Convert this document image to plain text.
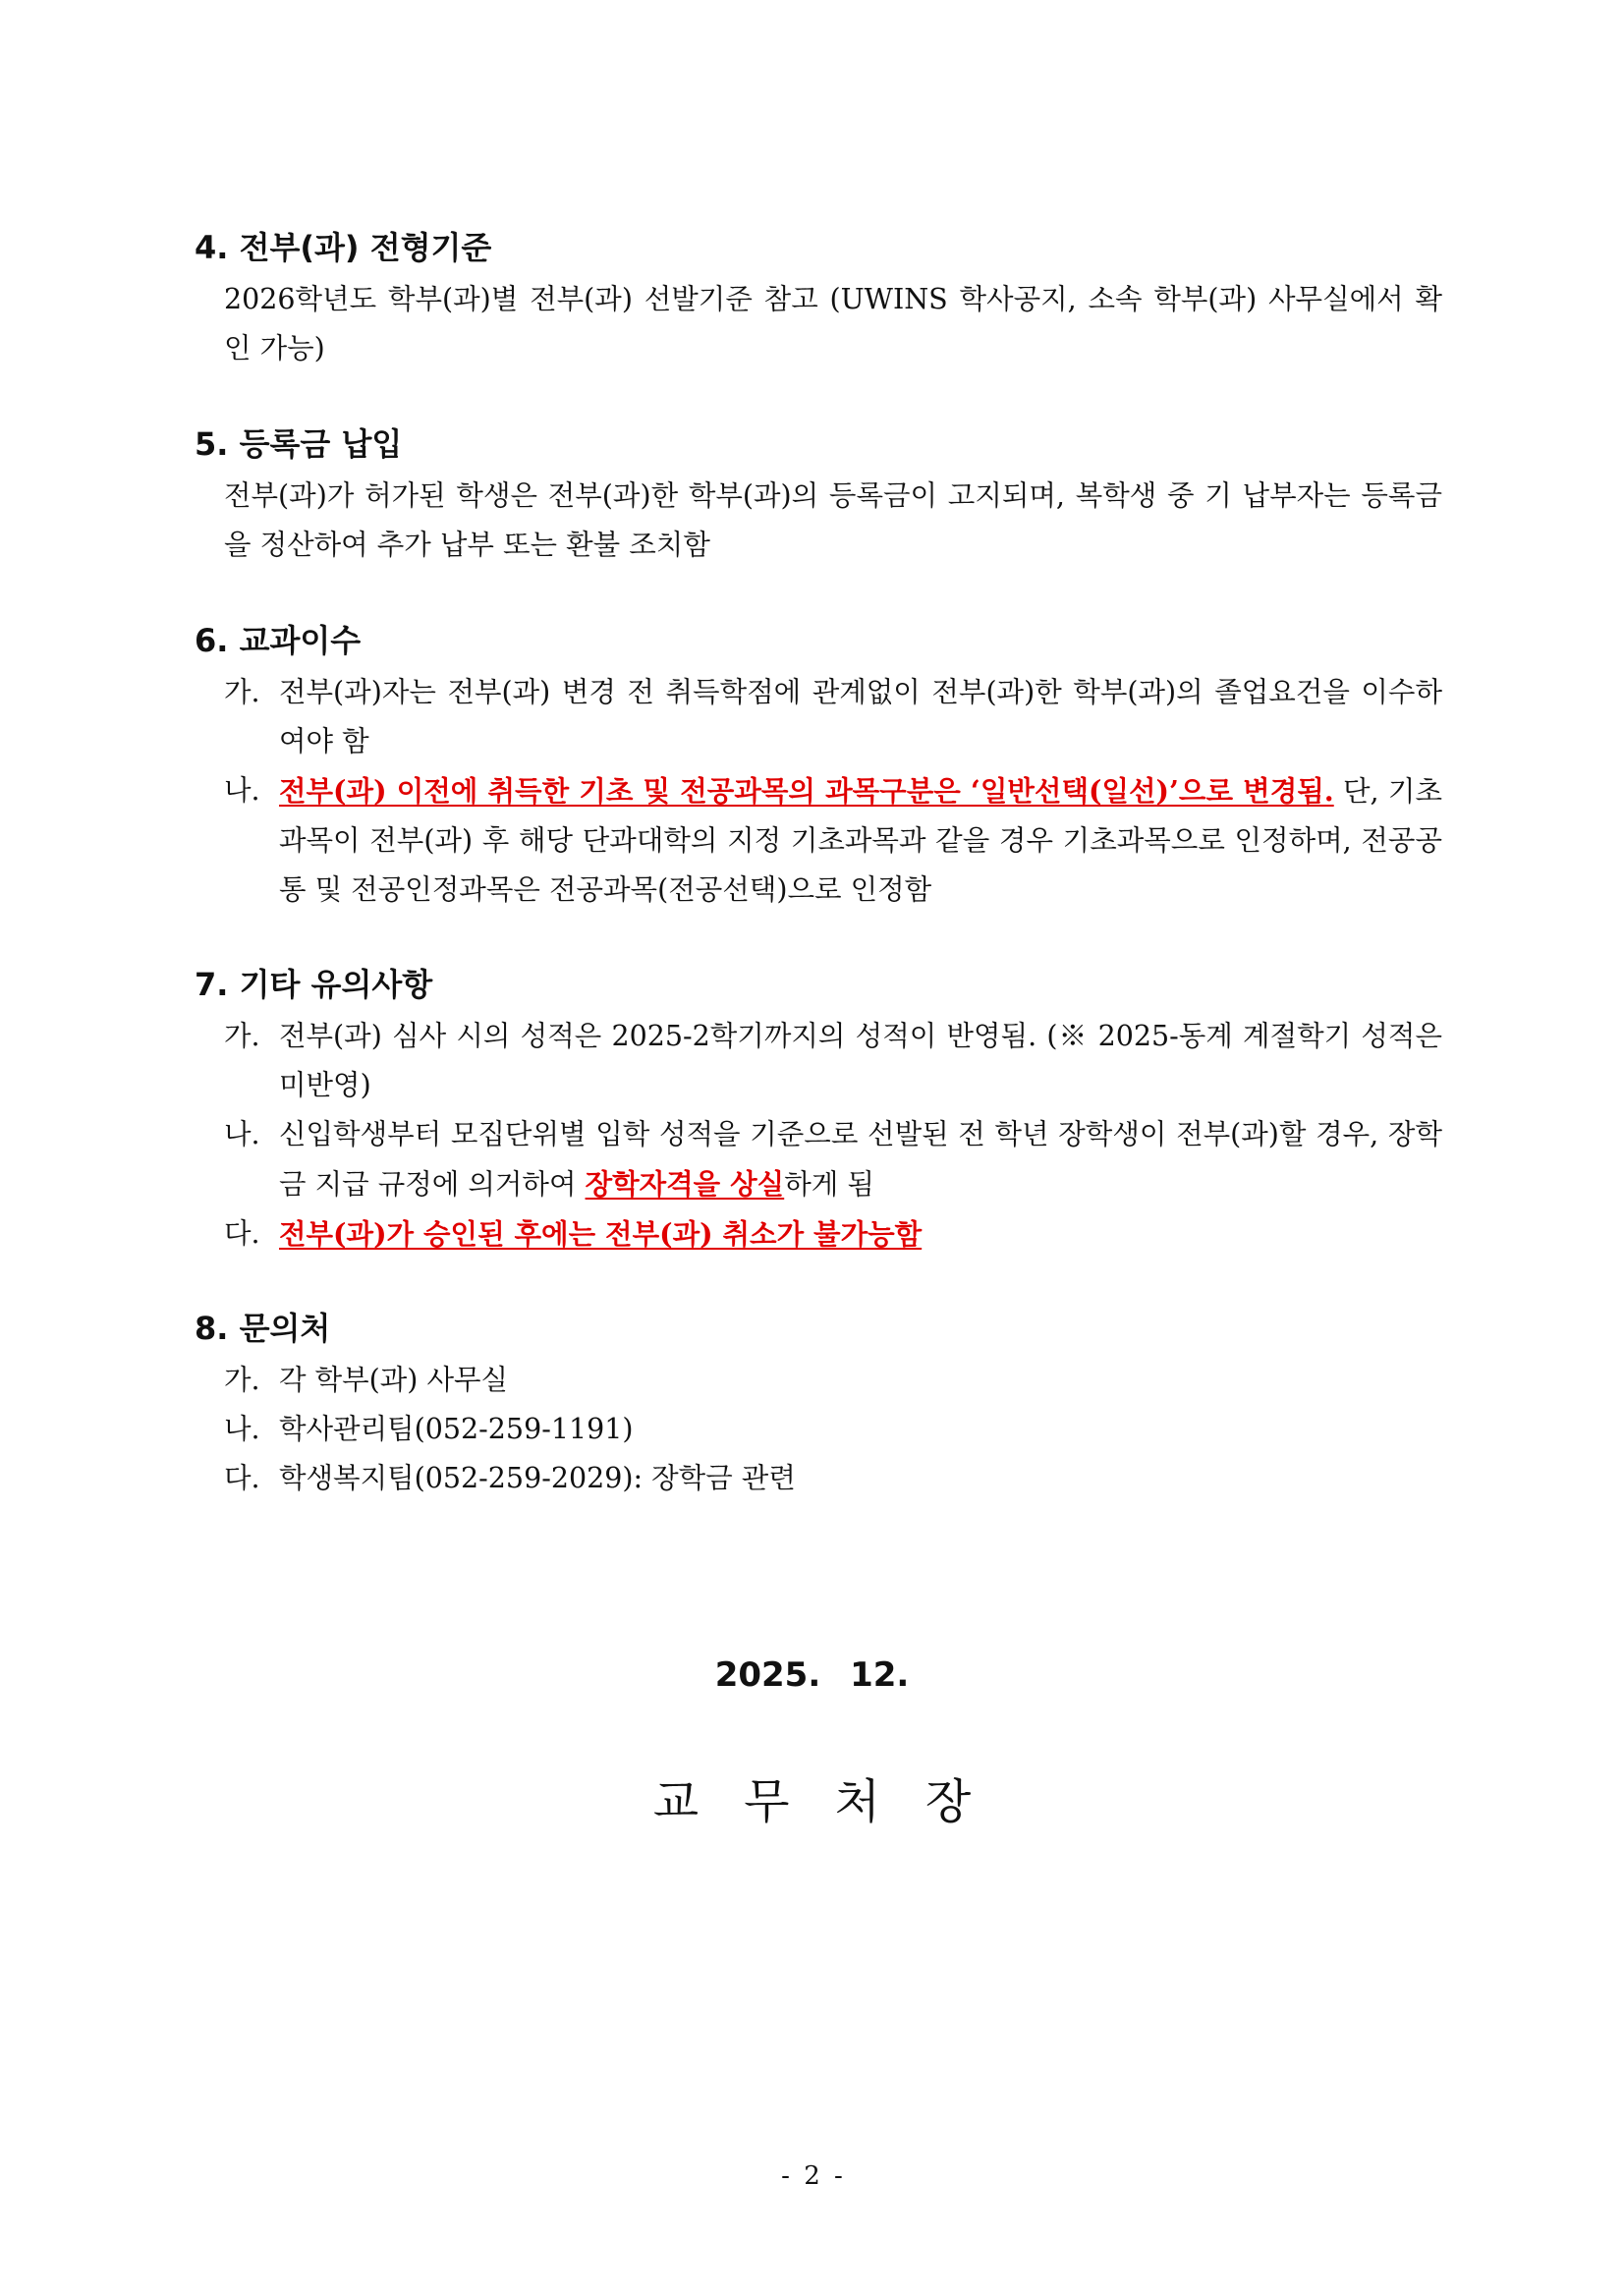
4. 전부(과) 전형기준
2026학년도 학부(과)별 전부(과) 선발기준 참고 (UWINS 학사공지, 소속 학부(과) 사무실에서 확인 가능)
5. 등록금 납입
전부(과)가 허가된 학생은 전부(과)한 학부(과)의 등록금이 고지되며, 복학생 중 기 납부자는 등록금을 정산하여 추가 납부 또는 환불 조치함
6. 교과이수
가. 전부(과)자는 전부(과) 변경 전 취득학점에 관계없이 전부(과)한 학부(과)의 졸업요건을 이수하여야 함
나. 전부(과) 이전에 취득한 기초 및 전공과목의 과목구분은 ‘일반선택(일선)’으로 변경됨. 단, 기초과목이 전부(과) 후 해당 단과대학의 지정 기초과목과 같을 경우 기초과목으로 인정하며, 전공공통 및 전공인정과목은 전공과목(전공선택)으로 인정함
7. 기타 유의사항
가. 전부(과) 심사 시의 성적은 2025-2학기까지의 성적이 반영됨. (※ 2025-동계 계절학기 성적은 미반영)
나. 신입학생부터 모집단위별 입학 성적을 기준으로 선발된 전 학년 장학생이 전부(과)할 경우, 장학금 지급 규정에 의거하여 장학자격을 상실하게 됨
다. 전부(과)가 승인된 후에는 전부(과) 취소가 불가능함
8. 문의처
가. 각 학부(과) 사무실
나. 학사관리팀(052-259-1191)
다. 학생복지팀(052-259-2029): 장학금 관련
2025. 12.
교무처장
- 2 -
